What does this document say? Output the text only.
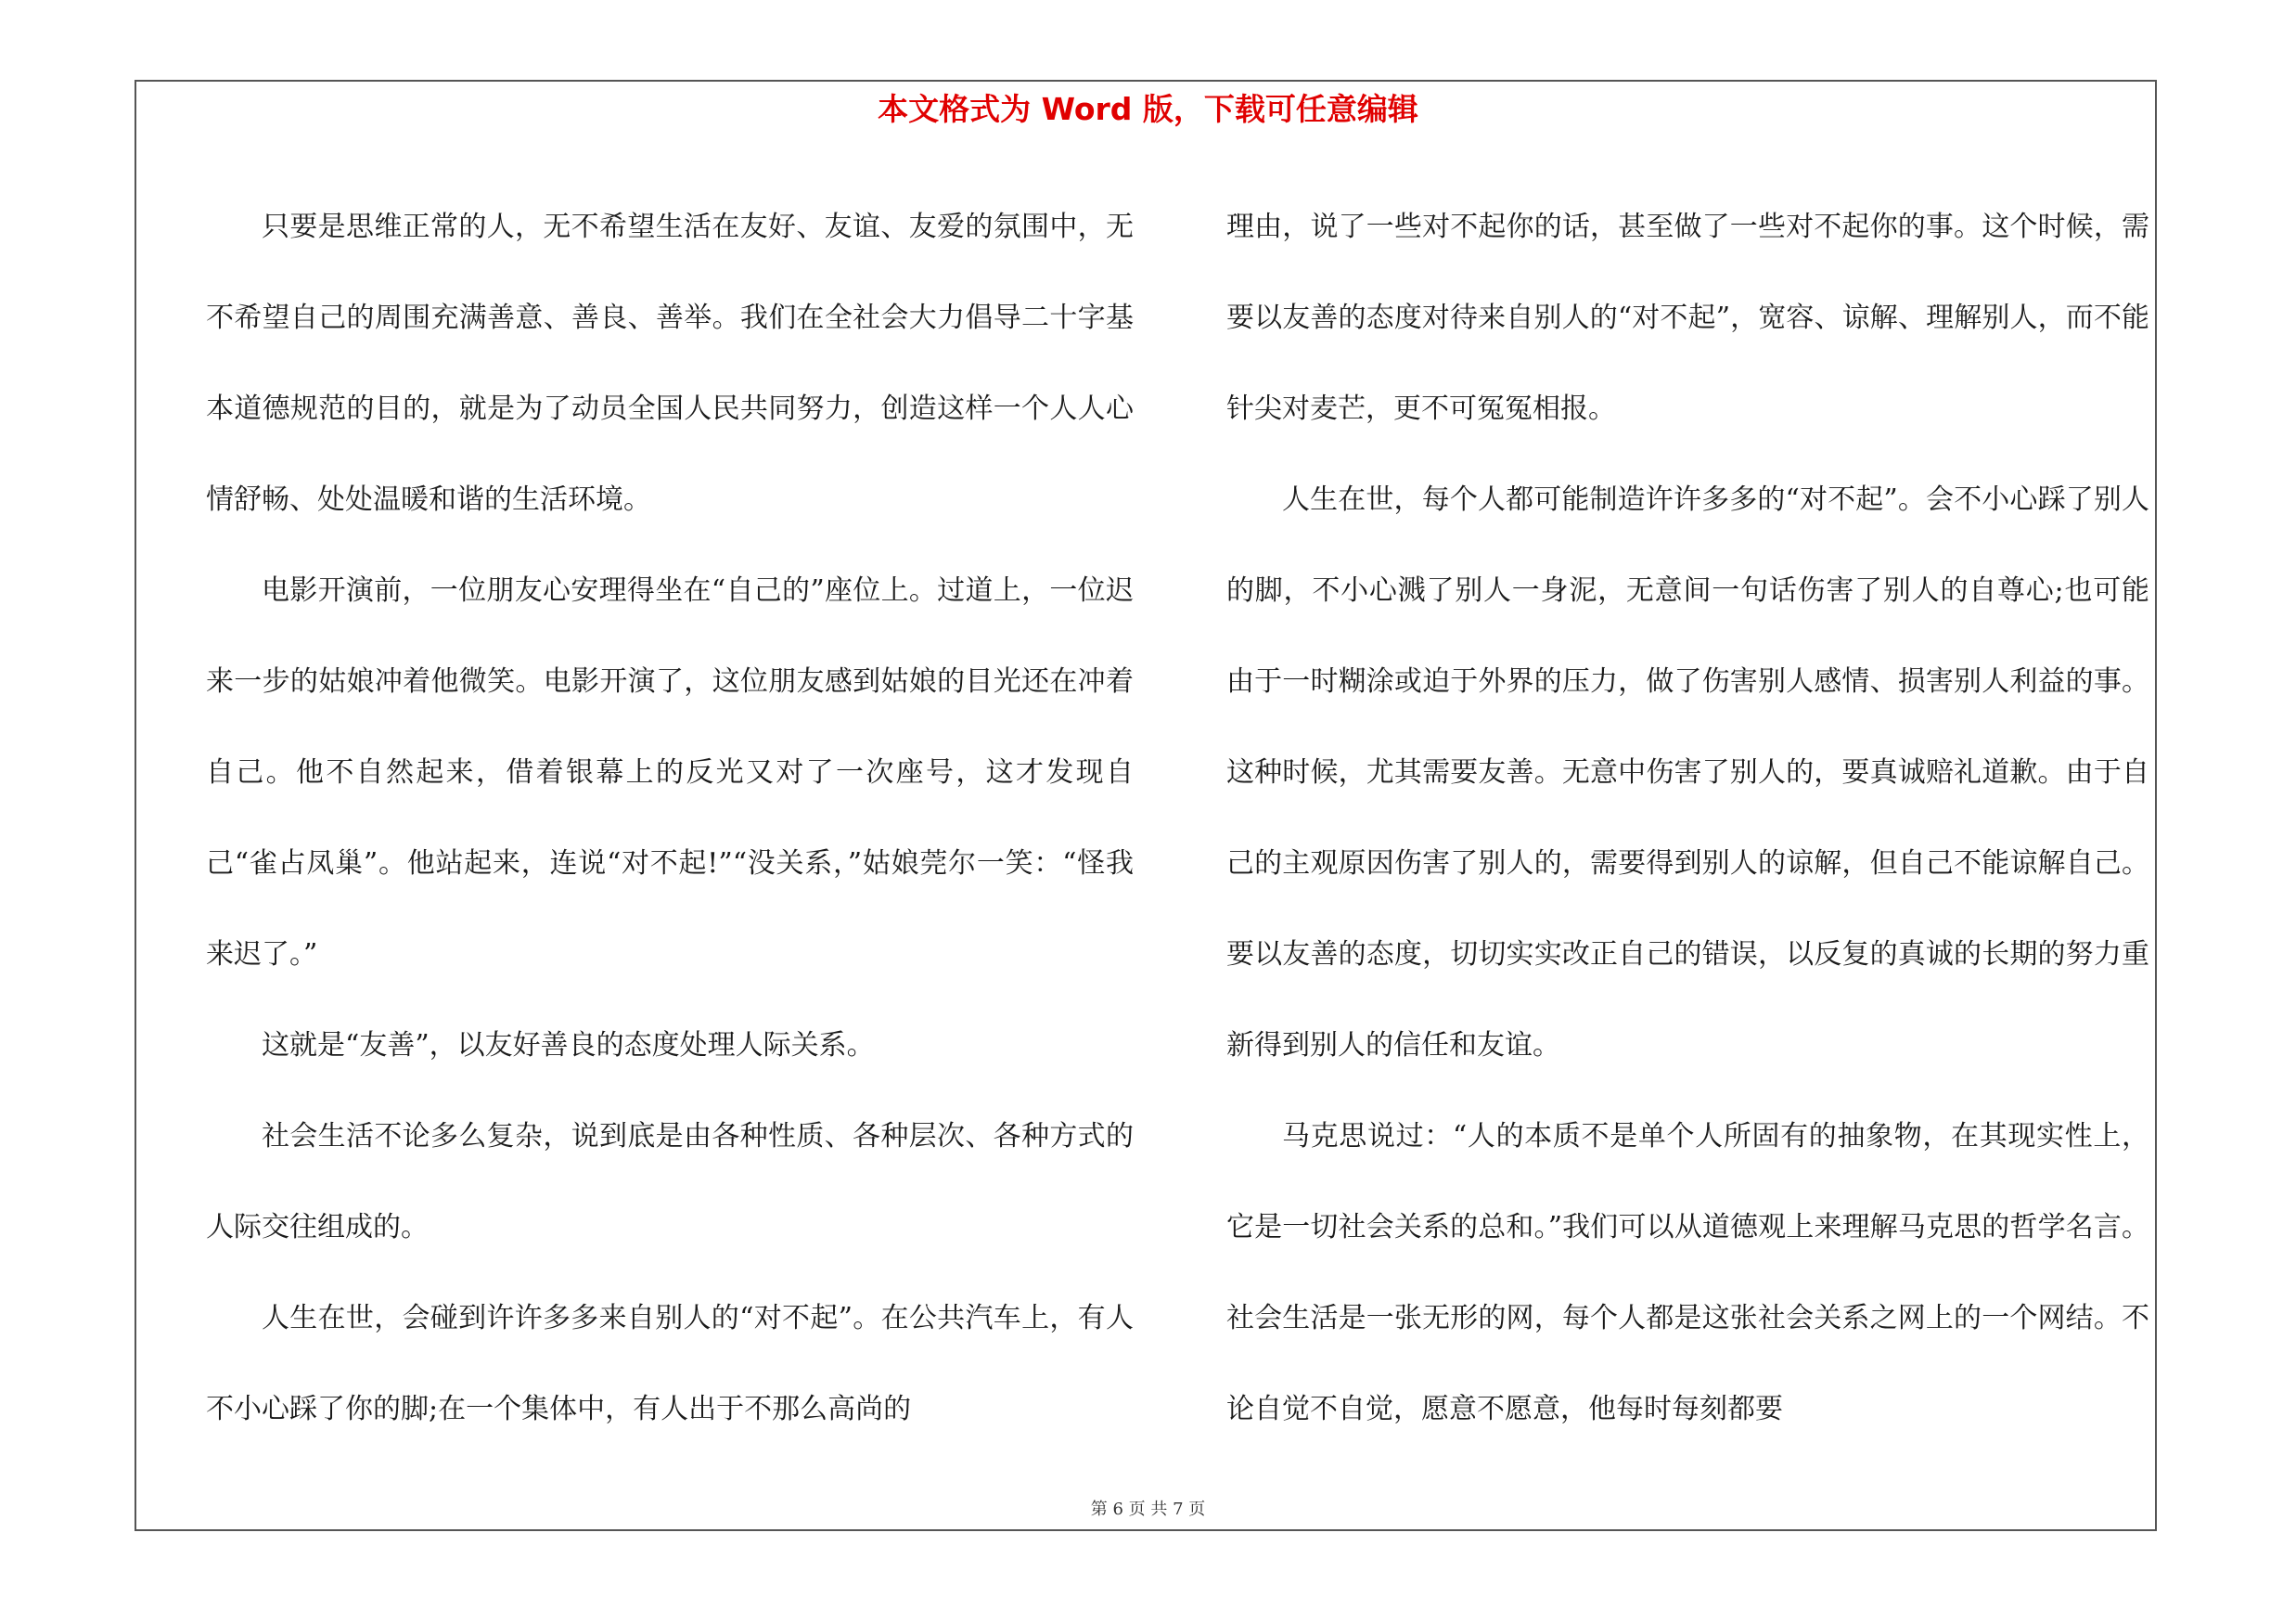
本文格式为 Word 版，下载可任意编辑

只要是思维正常的人，无不希望生活在友好、友谊、友爱的氛围中，无不希望自己的周围充满善意、善良、善举。我们在全社会大力倡导二十字基本道德规范的目的，就是为了动员全国人民共同努力，创造这样一个人人心情舒畅、处处温暖和谐的生活环境。

电影开演前，一位朋友心安理得坐在“自己的”座位上。过道上，一位迟来一步的姑娘冲着他微笑。电影开演了，这位朋友感到姑娘的目光还在冲着自己。他不自然起来，借着银幕上的反光又对了一次座号，这才发现自己“雀占凤巢”。他站起来，连说“对不起!”“没关系，”姑娘莞尔一笑：“怪我来迟了。”

这就是“友善”，以友好善良的态度处理人际关系。

社会生活不论多么复杂，说到底是由各种性质、各种层次、各种方式的人际交往组成的。

人生在世，会碰到许许多多来自别人的“对不起”。在公共汽车上，有人不小心踩了你的脚;在一个集体中，有人出于不那么高尚的

理由，说了一些对不起你的话，甚至做了一些对不起你的事。这个时候，需要以友善的态度对待来自别人的“对不起”，宽容、谅解、理解别人，而不能针尖对麦芒，更不可冤冤相报。

人生在世，每个人都可能制造许许多多的“对不起”。会不小心踩了别人的脚，不小心溅了别人一身泥，无意间一句话伤害了别人的自尊心;也可能由于一时糊涂或迫于外界的压力，做了伤害别人感情、损害别人利益的事。这种时候，尤其需要友善。无意中伤害了别人的，要真诚赔礼道歉。由于自己的主观原因伤害了别人的，需要得到别人的谅解，但自己不能谅解自己。要以友善的态度，切切实实改正自己的错误，以反复的真诚的长期的努力重新得到别人的信任和友谊。

马克思说过：“人的本质不是单个人所固有的抽象物，在其现实性上，它是一切社会关系的总和。”我们可以从道德观上来理解马克思的哲学名言。社会生活是一张无形的网，每个人都是这张社会关系之网上的一个网结。不论自觉不自觉，愿意不愿意，他每时每刻都要

第 6 页 共 7 页
